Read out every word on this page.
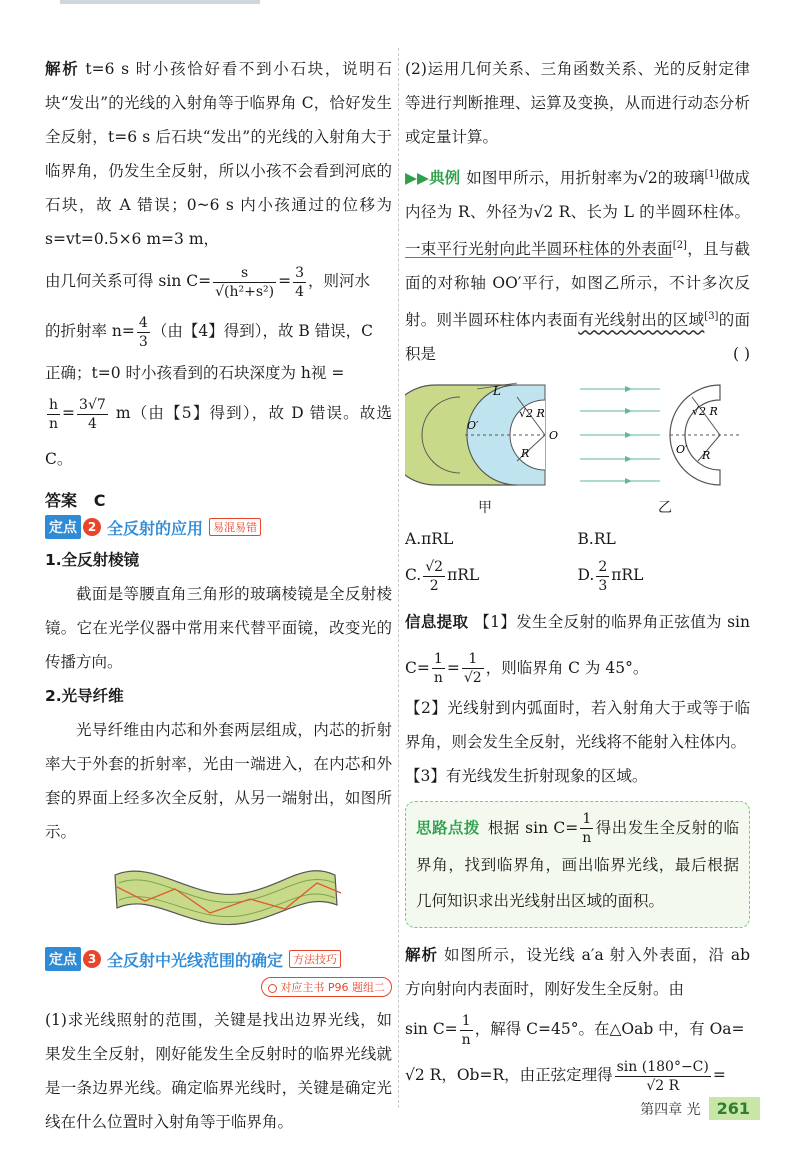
解析 t=6 s 时小孩恰好看不到小石块，说明石块“发出”的光线的入射角等于临界角 C，恰好发生全反射，t=6 s 后石块“发出”的光线的入射角大于临界角，仍发生全反射，所以小孩不会看到河底的石块，故 A 错误；0~6 s 内小孩通过的位移为 s=vt=0.5×6 m=3 m，

由几何关系可得 $\sin C= \frac{s}{\text{√(h²+s²)}} = \frac{3}{4}$ ，则河水

的折射率 $n= \frac{4}{3}$ （由【4】得到），故 B 错误，C

正确；t=0 时小孩看到的石块深度为 h视 =

$\frac{h}{n} = \frac{3√7}{4} m$（由【5】得到），故 D 错误。故选 C。

答案 C
定点 2 全反射的应用 易混易错
1.全反射棱镜

截面是等腰直角三角形的玻璃棱镜是全反射棱镜。它在光学仪器中常用来代替平面镜，改变光的传播方向。

2.光导纤维

光导纤维由内芯和外套两层组成，内芯的折射率大于外套的折射率，光由一端进入，在内芯和外套的界面上经多次全反射，从另一端射出，如图所示。

定点 3 全反射中光线范围的确定 方法技巧
对应主书 P96 题组二

(1)求光线照射的范围，关键是找出边界光线，如果发生全反射，刚好能发生全反射时的临界光线就是一条边界光线。确定临界光线时，关键是确定光线在什么位置时入射角等于临界角。

(2)运用几何关系、三角函数关系、光的反射定律等进行判断推理、运算及变换，从而进行动态分析或定量计算。

▶▶典例 如图甲所示，用折射率为√2的玻璃[1]做成内径为 R、外径为√2 R、长为 L 的半圆环柱体。一束平行光射向此半圆环柱体的外表面[2]，且与截面的对称轴 OO′平行，如图乙所示，不计多次反射。则半圆环柱体内表面有光线射出的区域[3]的面积是	( )

L
√2 R
R
O
O′
甲
√2 R
R
O′
乙
A.πRL	B.RL
C. $\frac{√2}{2}$ πRL	D. $\frac{2}{3}$ πRL

信息提取 【1】发生全反射的临界角正弦值为 $\sin C= \frac{1}{n} = \frac{1}{√2}$ ，则临界角 C 为 45°。

【2】光线射到内弧面时，若入射角大于或等于临界角，则会发生全反射，光线将不能射入柱体内。

【3】有光线发生折射现象的区域。

思路点拨 根据 $\sin C= \frac{1}{n}$ 得出发生全反射的临界角，找到临界角，画出临界光线，最后根据几何知识求出光线射出区域的面积。

解析 如图所示，设光线 a′a 射入外表面，沿 ab 方向射向内表面时，刚好发生全反射。由

$\sin C= \frac{1}{n}$ ，解得 C=45°。在△Oab 中，有 Oa=

√2 R，Ob=R，由正弦定理得 $\frac{\sin (180^\circ-C)}{√2 R}$ =

第四章 光	261
